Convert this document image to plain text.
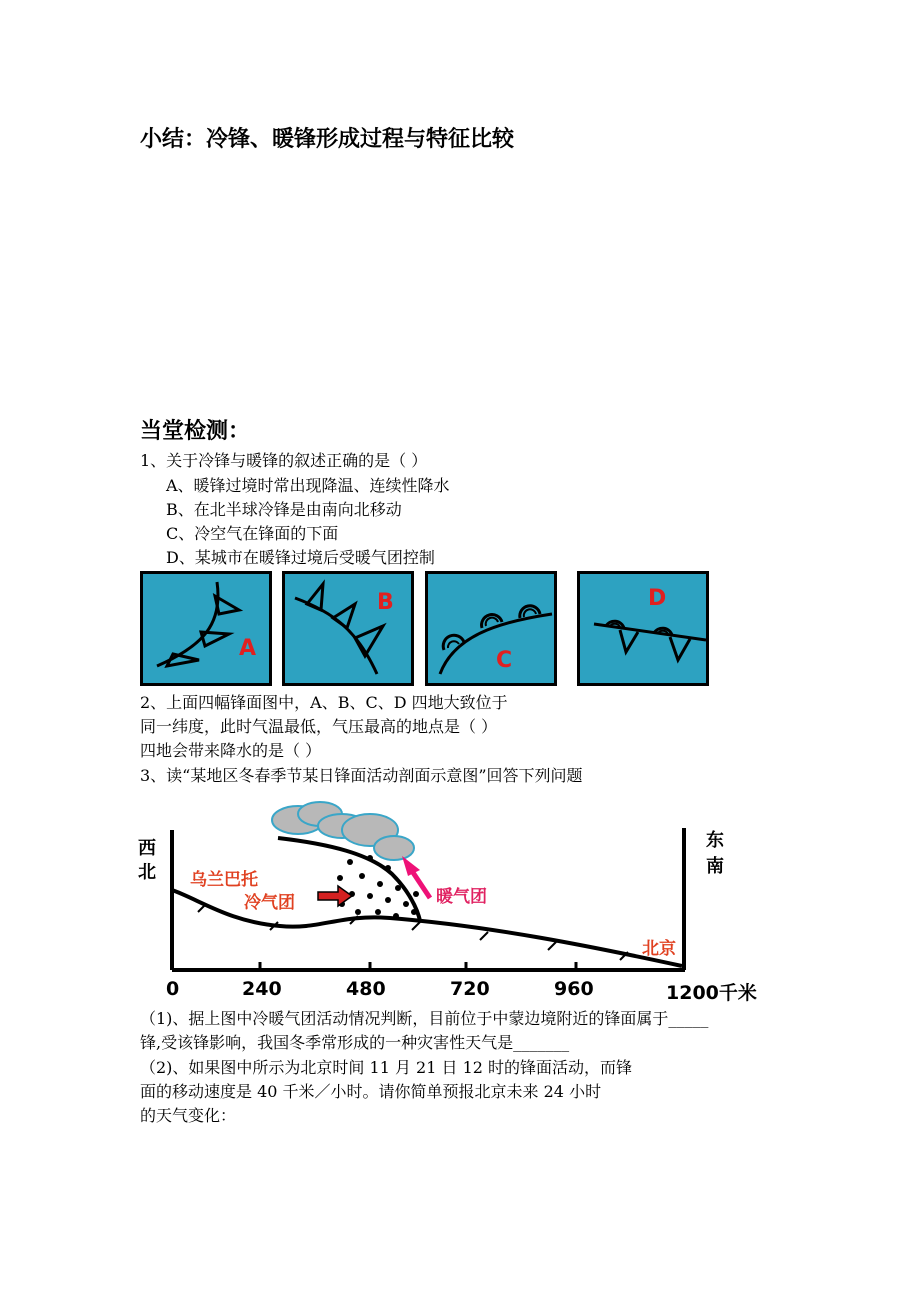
小结：冷锋、暖锋形成过程与特征比较
当堂检测：
1、关于冷锋与暖锋的叙述正确的是（ ）
A、暖锋过境时常出现降温、连续性降水
B、在北半球冷锋是由南向北移动
C、冷空气在锋面的下面
D、某城市在暖锋过境后受暖气团控制
A
B
C
D
2、上面四幅锋面图中，A、B、C、D 四地大致位于
同一纬度，此时气温最低，气压最高的地点是（ ）
四地会带来降水的是（ ）
3、读“某地区冬春季节某日锋面活动剖面示意图”回答下列问题
西
北
东
南
乌兰巴托
冷气团	暖气团
北京
0	240	480	720	960	1200千米
（1)、据上图中冷暖气团活动情况判断，目前位于中蒙边境附近的锋面属于_____
锋,受该锋影响，我国冬季常形成的一种灾害性天气是_______
（2)、如果图中所示为北京时间 11 月 21 日 12 时的锋面活动，而锋
面的移动速度是 40 千米／小时。请你简单预报北京未来 24 小时
的天气变化：
